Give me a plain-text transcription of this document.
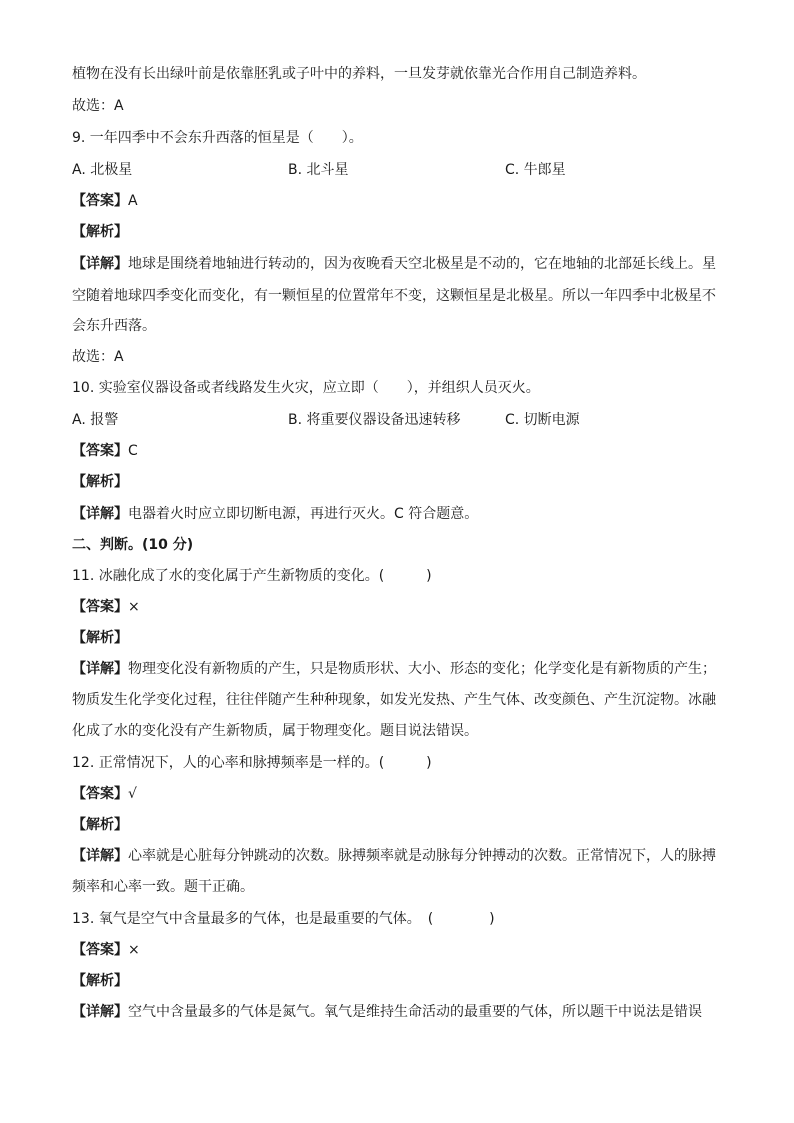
植物在没有长出绿叶前是依靠胚乳或子叶中的养料，一旦发芽就依靠光合作用自己制造养料。
故选：A
9. 一年四季中不会东升西落的恒星是（　　）。
A. 北极星	B. 北斗星	C. 牛郎星
【答案】A
【解析】
【详解】地球是围绕着地轴进行转动的，因为夜晚看天空北极星是不动的，它在地轴的北部延长线上。星
空随着地球四季变化而变化，有一颗恒星的位置常年不变，这颗恒星是北极星。所以一年四季中北极星不
会东升西落。
故选：A
10. 实验室仪器设备或者线路发生火灾，应立即（　　），并组织人员灭火。
A. 报警	B. 将重要仪器设备迅速转移	C. 切断电源
【答案】C
【解析】
【详解】电器着火时应立即切断电源，再进行灭火。C 符合题意。
二、判断。(10 分)
11. 冰融化成了水的变化属于产生新物质的变化。(　　　)
【答案】×
【解析】
【详解】物理变化没有新物质的产生，只是物质形状、大小、形态的变化；化学变化是有新物质的产生；
物质发生化学变化过程，往往伴随产生种种现象，如发光发热、产生气体、改变颜色、产生沉淀物。冰融
化成了水的变化没有产生新物质，属于物理变化。题目说法错误。
12. 正常情况下，人的心率和脉搏频率是一样的。(　　　)
【答案】√
【解析】
【详解】心率就是心脏每分钟跳动的次数。脉搏频率就是动脉每分钟搏动的次数。正常情况下，人的脉搏
频率和心率一致。题干正确。
13. 氧气是空气中含量最多的气体，也是最重要的气体。　(　　　　)
【答案】×
【解析】
【详解】空气中含量最多的气体是氮气。氧气是维持生命活动的最重要的气体，所以题干中说法是错误
